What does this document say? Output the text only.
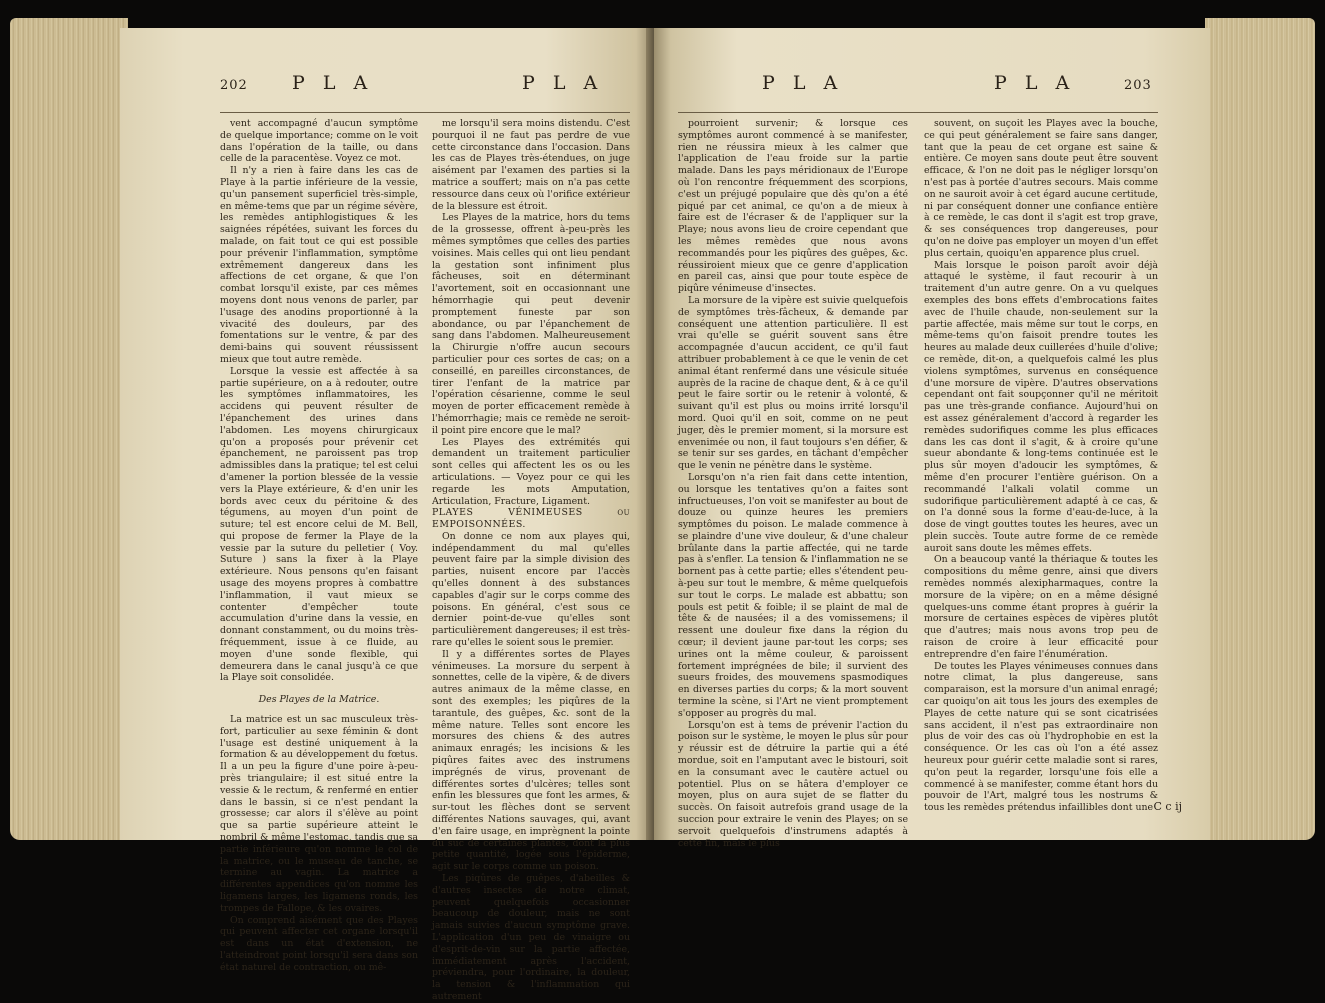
202 P L A	P L A

vent accompagné d'aucun symptôme de quelque importance; comme on le voit dans l'opération de la taille, ou dans celle de la paracentèse. Voyez ce mot.

Il n'y a rien à faire dans les cas de Playe à la partie inférieure de la vessie, qu'un pansement superficiel très-simple, en même-tems que par un régime sévère, les remèdes antiphlogistiques & les saignées répétées, suivant les forces du malade, on fait tout ce qui est possible pour prévenir l'inflammation, symptôme extrêmement dangereux dans les affections de cet organe, & que l'on combat lorsqu'il existe, par ces mêmes moyens dont nous venons de parler, par l'usage des anodins proportionné à la vivacité des douleurs, par des fomentations sur le ventre, & par des demi-bains qui souvent réussissent mieux que tout autre remède.

Lorsque la vessie est affectée à sa partie supérieure, on a à redouter, outre les symptômes inflammatoires, les accidens qui peuvent résulter de l'épanchement des urines dans l'abdomen. Les moyens chirurgicaux qu'on a proposés pour prévenir cet épanchement, ne paroissent pas trop admissibles dans la pratique; tel est celui d'amener la portion blessée de la vessie vers la Playe extérieure, & d'en unir les bords avec ceux du péritoine & des tégumens, au moyen d'un point de suture; tel est encore celui de M. Bell, qui propose de fermer la Playe de la vessie par la suture du pelletier ( Voy. Suture ) sans la fixer à la Playe extérieure. Nous pensons qu'en faisant usage des moyens propres à combattre l'inflammation, il vaut mieux se contenter d'empêcher toute accumulation d'urine dans la vessie, en donnant constamment, ou du moins très-fréquemment, issue à ce fluide, au moyen d'une sonde flexible, qui demeurera dans le canal jusqu'à ce que la Playe soit consolidée.

Des Playes de la Matrice.

La matrice est un sac musculeux très-fort, particulier au sexe féminin & dont l'usage est destiné uniquement à la formation & au développement du fœtus. Il a un peu la figure d'une poire à-peu-près triangulaire; il est situé entre la vessie & le rectum, & renfermé en entier dans le bassin, si ce n'est pendant la grossesse; car alors il s'élève au point que sa partie supérieure atteint le nombril & même l'estomac, tandis que sa partie inférieure qu'on nomme le col de la matrice, ou le museau de tanche, se termine au vagin. La matrice a différentes appendices qu'on nomme les ligamens larges, les ligamens ronds, les trompes de Fallope, & les ovaires.

On comprend aisément que des Playes qui peuvent affecter cet organe lorsqu'il est dans un état d'extension, ne l'atteindront point lorsqu'il sera dans son état naturel de contraction, ou mê-

me lorsqu'il sera moins distendu. C'est pourquoi il ne faut pas perdre de vue cette circonstance dans l'occasion. Dans les cas de Playes très-étendues, on juge aisément par l'examen des parties si la matrice a souffert; mais on n'a pas cette ressource dans ceux où l'orifice extérieur de la blessure est étroit.

Les Playes de la matrice, hors du tems de la grossesse, offrent à-peu-près les mêmes symptômes que celles des parties voisines. Mais celles qui ont lieu pendant la gestation sont infiniment plus fâcheuses, soit en déterminant l'avortement, soit en occasionnant une hémorrhagie qui peut devenir promptement funeste par son abondance, ou par l'épanchement de sang dans l'abdomen. Malheureusement la Chirurgie n'offre aucun secours particulier pour ces sortes de cas; on a conseillé, en pareilles circonstances, de tirer l'enfant de la matrice par l'opération césarienne, comme le seul moyen de porter efficacement remède à l'hémorrhagie; mais ce remède ne seroit-il point pire encore que le mal?

Les Playes des extrémités qui demandent un traitement particulier sont celles qui affectent les os ou les articulations. — Voyez pour ce qui les regarde les mots Amputation, Articulation, Fracture, Ligament.

PLAYES VÉNIMEUSES ou EMPOISONNÉES.

On donne ce nom aux playes qui, indépendamment du mal qu'elles peuvent faire par la simple division des parties, nuisent encore par l'accès qu'elles donnent à des substances capables d'agir sur le corps comme des poisons. En général, c'est sous ce dernier point-de-vue qu'elles sont particulièrement dangereuses; il est très-rare qu'elles le soient sous le premier.

Il y a différentes sortes de Playes vénimeuses. La morsure du serpent à sonnettes, celle de la vipère, & de divers autres animaux de la même classe, en sont des exemples; les piqûres de la tarantule, des guêpes, &c. sont de la même nature. Telles sont encore les morsures des chiens & des autres animaux enragés; les incisions & les piqûres faites avec des instrumens imprégnés de virus, provenant de différentes sortes d'ulcères; telles sont enfin les blessures que font les armes, & sur-tout les flèches dont se servent différentes Nations sauvages, qui, avant d'en faire usage, en imprègnent la pointe du suc de certaines plantes, dont la plus petite quantité, logée sous l'épiderme, agit sur le corps comme un poison.

Les piqûres de guêpes, d'abeilles & d'autres insectes de notre climat, peuvent quelquefois occasionner beaucoup de douleur, mais ne sont jamais suivies d'aucun symptôme grave. L'application d'un peu de vinaigre ou d'esprit-de-vin sur la partie affectée, immédiatement après l'accident, préviendra, pour l'ordinaire, la douleur, la tension & l'inflammation qui autrement

P L A	P L A	203

pourroient survenir; & lorsque ces symptômes auront commencé à se manifester, rien ne réussira mieux à les calmer que l'application de l'eau froide sur la partie malade. Dans les pays méridionaux de l'Europe où l'on rencontre fréquemment des scorpions, c'est un préjugé populaire que dès qu'on a été piqué par cet animal, ce qu'on a de mieux à faire est de l'écraser & de l'appliquer sur la Playe; nous avons lieu de croire cependant que les mêmes remèdes que nous avons recommandés pour les piqûres des guêpes, &c. réussiroient mieux que ce genre d'application en pareil cas, ainsi que pour toute espèce de piqûre vénimeuse d'insectes.

La morsure de la vipère est suivie quelquefois de symptômes très-fâcheux, & demande par conséquent une attention particulière. Il est vrai qu'elle se guérit souvent sans être accompagnée d'aucun accident, ce qu'il faut attribuer probablement à ce que le venin de cet animal étant renfermé dans une vésicule située auprès de la racine de chaque dent, & à ce qu'il peut le faire sortir ou le retenir à volonté, & suivant qu'il est plus ou moins irrité lorsqu'il mord. Quoi qu'il en soit, comme on ne peut juger, dès le premier moment, si la morsure est envenimée ou non, il faut toujours s'en défier, & se tenir sur ses gardes, en tâchant d'empêcher que le venin ne pénètre dans le système.

Lorsqu'on n'a rien fait dans cette intention, ou lorsque les tentatives qu'on a faites sont infructueuses, l'on voit se manifester au bout de douze ou quinze heures les premiers symptômes du poison. Le malade commence à se plaindre d'une vive douleur, & d'une chaleur brûlante dans la partie affectée, qui ne tarde pas à s'enfler. La tension & l'inflammation ne se bornent pas à cette partie; elles s'étendent peu-à-peu sur tout le membre, & même quelquefois sur tout le corps. Le malade est abbattu; son pouls est petit & foible; il se plaint de mal de tête & de nausées; il a des vomissemens; il ressent une douleur fixe dans la région du cœur; il devient jaune par-tout les corps; ses urines ont la même couleur, & paroissent fortement imprégnées de bile; il survient des sueurs froides, des mouvemens spasmodiques en diverses parties du corps; & la mort souvent termine la scène, si l'Art ne vient promptement s'opposer au progrès du mal.

Lorsqu'on est à tems de prévenir l'action du poison sur le système, le moyen le plus sûr pour y réussir est de détruire la partie qui a été mordue, soit en l'amputant avec le bistouri, soit en la consumant avec le cautère actuel ou potentiel. Plus on se hâtera d'employer ce moyen, plus on aura sujet de se flatter du succès. On faisoit autrefois grand usage de la succion pour extraire le venin des Playes; on se servoit quelquefois d'instrumens adaptés à cette fin, mais le plus

souvent, on suçoit les Playes avec la bouche, ce qui peut généralement se faire sans danger, tant que la peau de cet organe est saine & entière. Ce moyen sans doute peut être souvent efficace, & l'on ne doit pas le négliger lorsqu'on n'est pas à portée d'autres secours. Mais comme on ne sauroit avoir à cet égard aucune certitude, ni par conséquent donner une confiance entière à ce remède, le cas dont il s'agit est trop grave, & ses conséquences trop dangereuses, pour qu'on ne doive pas employer un moyen d'un effet plus certain, quoiqu'en apparence plus cruel.

Mais lorsque le poison paroît avoir déjà attaqué le système, il faut recourir à un traitement d'un autre genre. On a vu quelques exemples des bons effets d'embrocations faites avec de l'huile chaude, non-seulement sur la partie affectée, mais même sur tout le corps, en même-tems qu'on faisoit prendre toutes les heures au malade deux cuillerées d'huile d'olive; ce remède, dit-on, a quelquefois calmé les plus violens symptômes, survenus en conséquence d'une morsure de vipère. D'autres observations cependant ont fait soupçonner qu'il ne méritoit pas une très-grande confiance. Aujourd'hui on est assez généralement d'accord à regarder les remèdes sudorifiques comme les plus efficaces dans les cas dont il s'agit, & à croire qu'une sueur abondante & long-tems continuée est le plus sûr moyen d'adoucir les symptômes, & même d'en procurer l'entière guérison. On a recommandé l'alkali volatil comme un sudorifique particulièrement adapté à ce cas, & on l'a donné sous la forme d'eau-de-luce, à la dose de vingt gouttes toutes les heures, avec un plein succès. Toute autre forme de ce remède auroit sans doute les mêmes effets.

On a beaucoup vanté la thériaque & toutes les compositions du même genre, ainsi que divers remèdes nommés alexipharmaques, contre la morsure de la vipère; on en a même désigné quelques-uns comme étant propres à guérir la morsure de certaines espèces de vipères plutôt que d'autres; mais nous avons trop peu de raison de croire à leur efficacité pour entreprendre d'en faire l'énumération.

De toutes les Playes vénimeuses connues dans notre climat, la plus dangereuse, sans comparaison, est la morsure d'un animal enragé; car quoiqu'on ait tous les jours des exemples de Playes de cette nature qui se sont cicatrisées sans accident, il n'est pas extraordinaire non plus de voir des cas où l'hydrophobie en est la conséquence. Or les cas où l'on a été assez heureux pour guérir cette maladie sont si rares, qu'on peut la regarder, lorsqu'une fois elle a commencé à se manifester, comme étant hors du pouvoir de l'Art, malgré tous les nostrums & tous les remèdes prétendus infaillibles dont une C c ij
